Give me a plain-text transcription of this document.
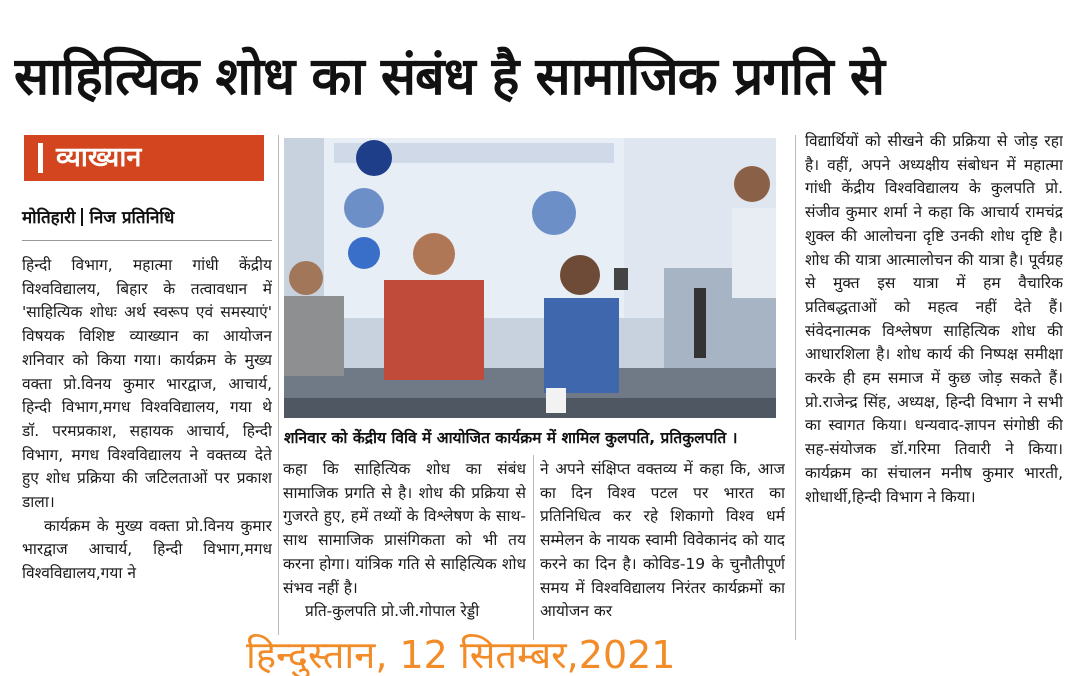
साहित्यिक शोध का संबंध है सामाजिक प्रगति से
व्याख्यान
मोतिहारी निज प्रतिनिधि

हिन्दी विभाग, महात्मा गांधी केंद्रीय विश्वविद्यालय, बिहार के तत्वावधान में 'साहित्यिक शोधः अर्थ स्वरूप एवं समस्याएं' विषयक विशिष्ट व्याख्यान का आयोजन शनिवार को किया गया। कार्यक्रम के मुख्य वक्ता प्रो.विनय कुमार भारद्वाज, आचार्य, हिन्दी विभाग,मगध विश्वविद्यालय, गया थे डॉ. परमप्रकाश, सहायक आचार्य, हिन्दी विभाग, मगध विश्वविद्यालय ने वक्तव्य देते हुए शोध प्रक्रिया की जटिलताओं पर प्रकाश डाला।

कार्यक्रम के मुख्य वक्ता प्रो.विनय कुमार भारद्वाज आचार्य, हिन्दी विभाग,मगध विश्वविद्यालय,गया ने

शनिवार को केंद्रीय विवि में आयोजित कार्यक्रम में शामिल कुलपति, प्रतिकुलपति ।

कहा कि साहित्यिक शोध का संबंध सामाजिक प्रगति से है। शोध की प्रक्रिया से गुजरते हुए, हमें तथ्यों के विश्लेषण के साथ-साथ सामाजिक प्रासंगिकता को भी तय करना होगा। यांत्रिक गति से साहित्यिक शोध संभव नहीं है।

प्रति-कुलपति प्रो.जी.गोपाल रेड्डी

ने अपने संक्षिप्त वक्तव्य में कहा कि, आज का दिन विश्व पटल पर भारत का प्रतिनिधित्व कर रहे शिकागो विश्व धर्म सम्मेलन के नायक स्वामी विवेकानंद को याद करने का दिन है। कोविड-19 के चुनौतीपूर्ण समय में विश्वविद्यालय निरंतर कार्यक्रमों का आयोजन कर

विद्यार्थियों को सीखने की प्रक्रिया से जोड़ रहा है। वहीं, अपने अध्यक्षीय संबोधन में महात्मा गांधी केंद्रीय विश्वविद्यालय के कुलपति प्रो. संजीव कुमार शर्मा ने कहा कि आचार्य रामचंद्र शुक्ल की आलोचना दृष्टि उनकी शोध दृष्टि है। शोध की यात्रा आत्मालोचन की यात्रा है। पूर्वग्रह से मुक्त इस यात्रा में हम वैचारिक प्रतिबद्धताओं को महत्व नहीं देते हैं। संवेदनात्मक विश्लेषण साहित्यिक शोध की आधारशिला है। शोध कार्य की निष्पक्ष समीक्षा करके ही हम समाज में कुछ जोड़ सकते हैं। प्रो.राजेन्द्र सिंह, अध्यक्ष, हिन्दी विभाग ने सभी का स्वागत किया। धन्यवाद-ज्ञापन संगोष्ठी की सह-संयोजक डॉ.गरिमा तिवारी ने किया। कार्यक्रम का संचालन मनीष कुमार भारती, शोधार्थी,हिन्दी विभाग ने किया।

हिन्दुस्तान, 12 सितम्बर,2021
